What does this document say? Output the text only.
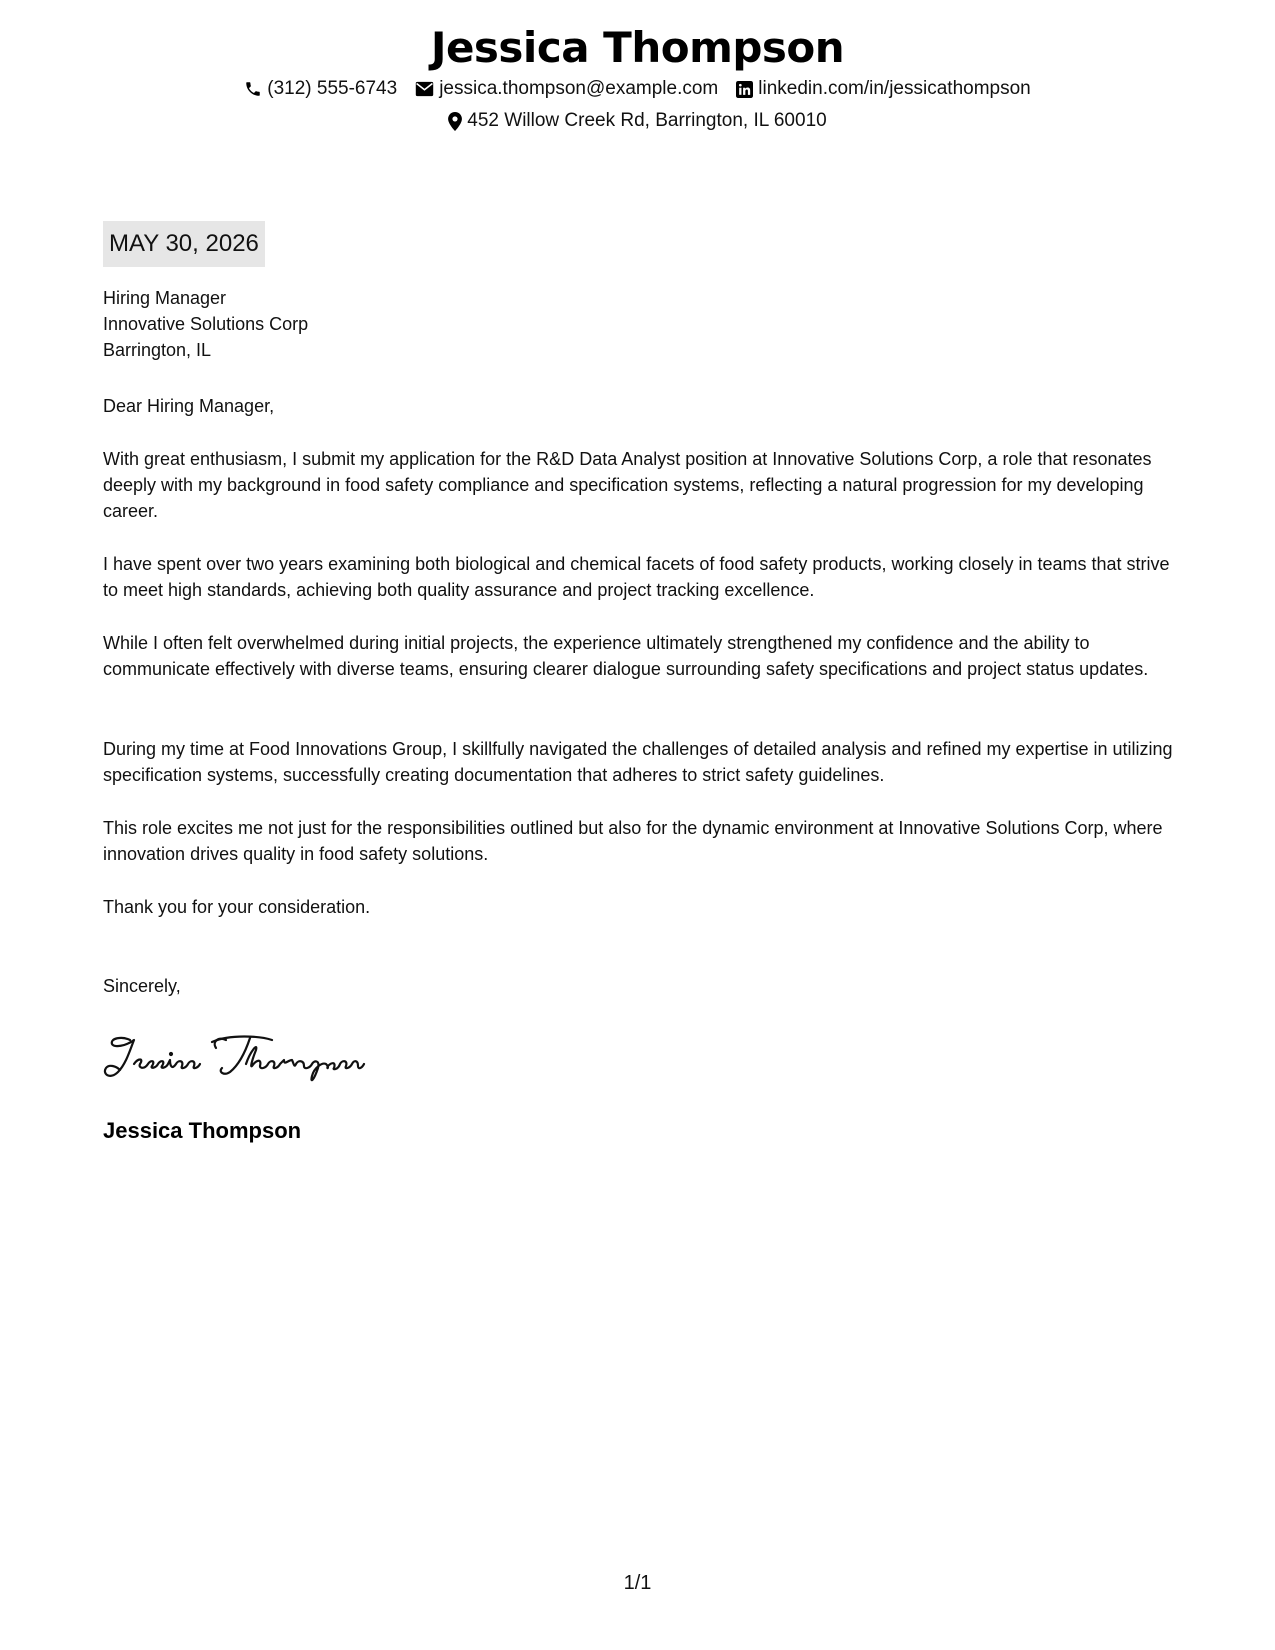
Jessica Thompson
(312) 555-6743 jessica.thompson@example.com linkedin.com/in/jessicathompson
452 Willow Creek Rd, Barrington, IL 60010
MAY 30, 2026
Hiring Manager
Innovative Solutions Corp
Barrington, IL
Dear Hiring Manager,

With great enthusiasm, I submit my application for the R&D Data Analyst position at Innovative Solutions Corp, a role that resonates deeply with my background in food safety compliance and specification systems, reflecting a natural progression for my developing career.

I have spent over two years examining both biological and chemical facets of food safety products, working closely in teams that strive to meet high standards, achieving both quality assurance and project tracking excellence.

While I often felt overwhelmed during initial projects, the experience ultimately strengthened my confidence and the ability to communicate effectively with diverse teams, ensuring clearer dialogue surrounding safety specifications and project status updates.

During my time at Food Innovations Group, I skillfully navigated the challenges of detailed analysis and refined my expertise in utilizing specification systems, successfully creating documentation that adheres to strict safety guidelines.

This role excites me not just for the responsibilities outlined but also for the dynamic environment at Innovative Solutions Corp, where innovation drives quality in food safety solutions.

Thank you for your consideration.
Sincerely,
Jessica Thompson
1/1
